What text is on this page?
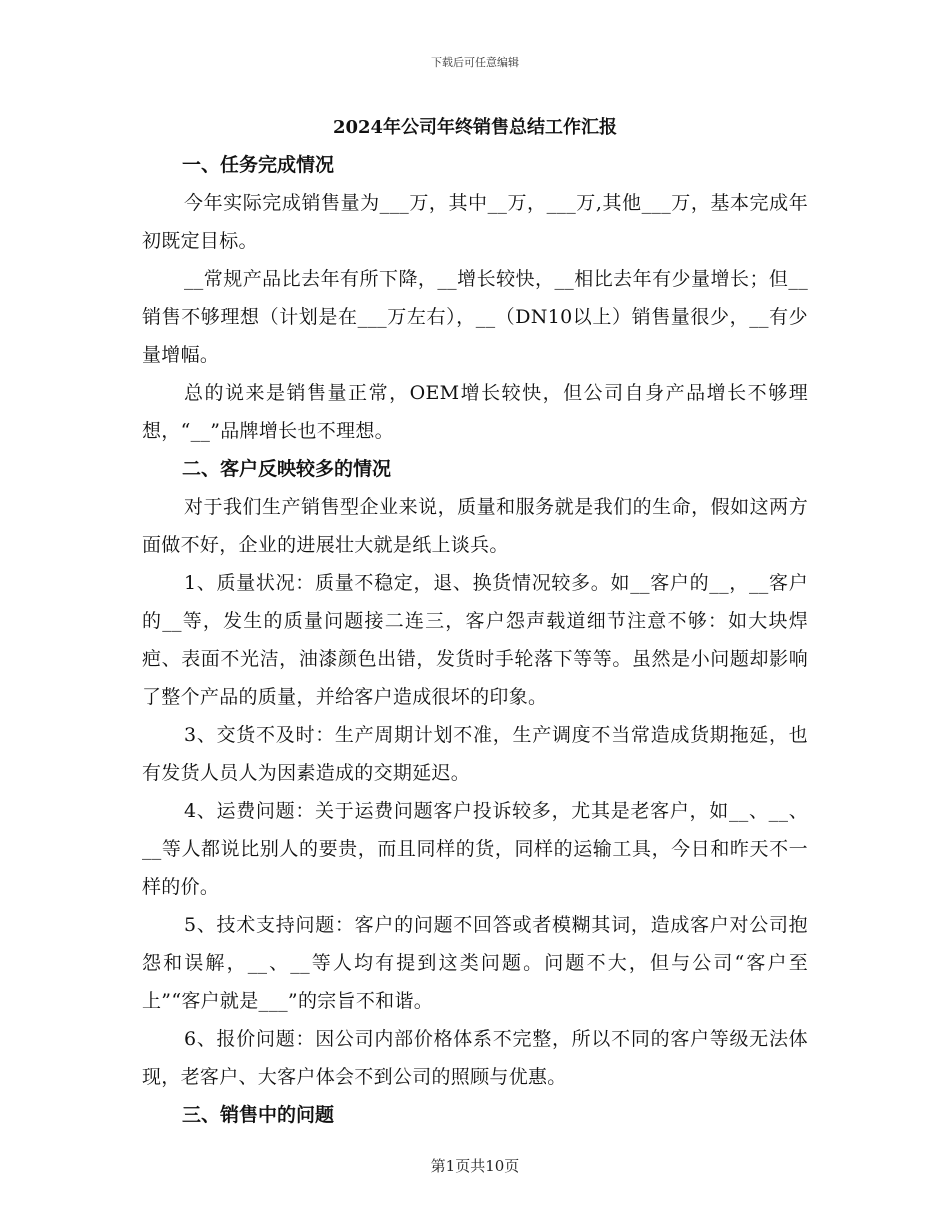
下载后可任意编辑
2024年公司年终销售总结工作汇报
一、任务完成情况

今年实际完成销售量为___万，其中__万，___万,其他___万，基本完成年初既定目标。

__常规产品比去年有所下降，__增长较快，__相比去年有少量增长；但__销售不够理想（计划是在___万左右），__（DN10以上）销售量很少，__有少量增幅。

总的说来是销售量正常，OEM增长较快，但公司自身产品增长不够理想，“__”品牌增长也不理想。

二、客户反映较多的情况

对于我们生产销售型企业来说，质量和服务就是我们的生命，假如这两方面做不好，企业的进展壮大就是纸上谈兵。

1、质量状况：质量不稳定，退、换货情况较多。如__客户的__，__客户的__等，发生的质量问题接二连三，客户怨声载道细节注意不够：如大块焊疤、表面不光洁，油漆颜色出错，发货时手轮落下等等。虽然是小问题却影响了整个产品的质量，并给客户造成很坏的印象。

3、交货不及时：生产周期计划不准，生产调度不当常造成货期拖延，也有发货人员人为因素造成的交期延迟。

4、运费问题：关于运费问题客户投诉较多，尤其是老客户，如__、__、__等人都说比别人的要贵，而且同样的货，同样的运输工具，今日和昨天不一样的价。

5、技术支持问题：客户的问题不回答或者模糊其词，造成客户对公司抱怨和误解，__、__等人均有提到这类问题。问题不大，但与公司“客户至上”“客户就是___”的宗旨不和谐。

6、报价问题：因公司内部价格体系不完整，所以不同的客户等级无法体现，老客户、大客户体会不到公司的照顾与优惠。

三、销售中的问题
第1页共10页
